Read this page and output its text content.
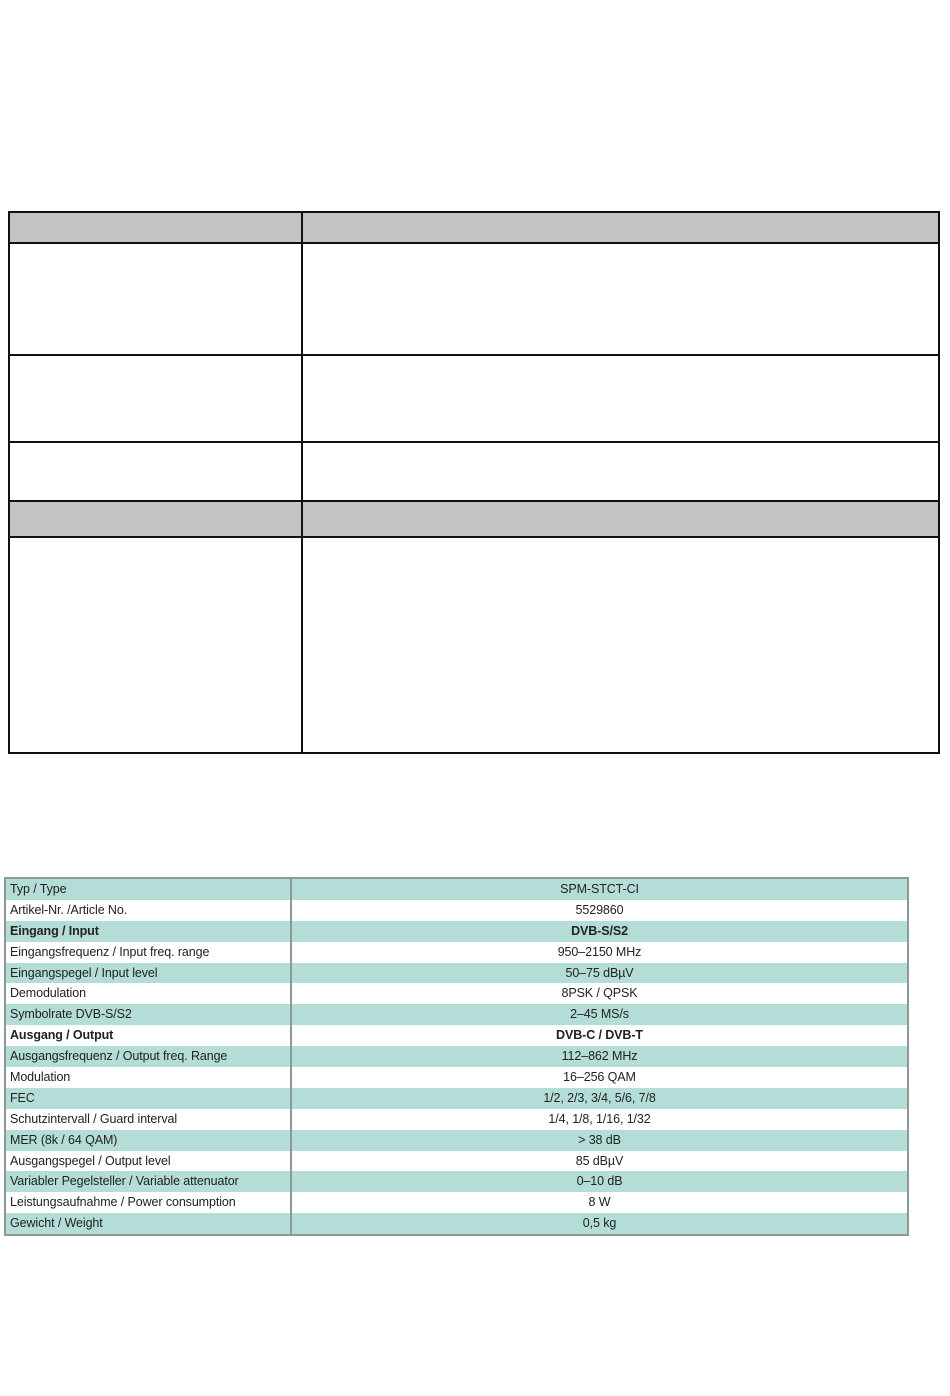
Typ / Type	SPM-STCT-CI
Artikel-Nr. /Article No.	5529860
Eingang / Input	DVB-S/S2
Eingangsfrequenz / Input freq. range	950–2150 MHz
Eingangspegel / Input level	50–75 dBµV
Demodulation	8PSK / QPSK
Symbolrate DVB-S/S2	2–45 MS/s
Ausgang / Output	DVB-C / DVB-T
Ausgangsfrequenz / Output freq. Range	112–862 MHz
Modulation	16–256 QAM
FEC	1/2, 2/3, 3/4, 5/6, 7/8
Schutzintervall / Guard interval	1/4, 1/8, 1/16, 1/32
MER (8k / 64 QAM)	> 38 dB
Ausgangspegel / Output level	85 dBµV
Variabler Pegelsteller / Variable attenuator	0–10 dB
Leistungsaufnahme / Power consumption	8 W
Gewicht / Weight	0,5 kg
